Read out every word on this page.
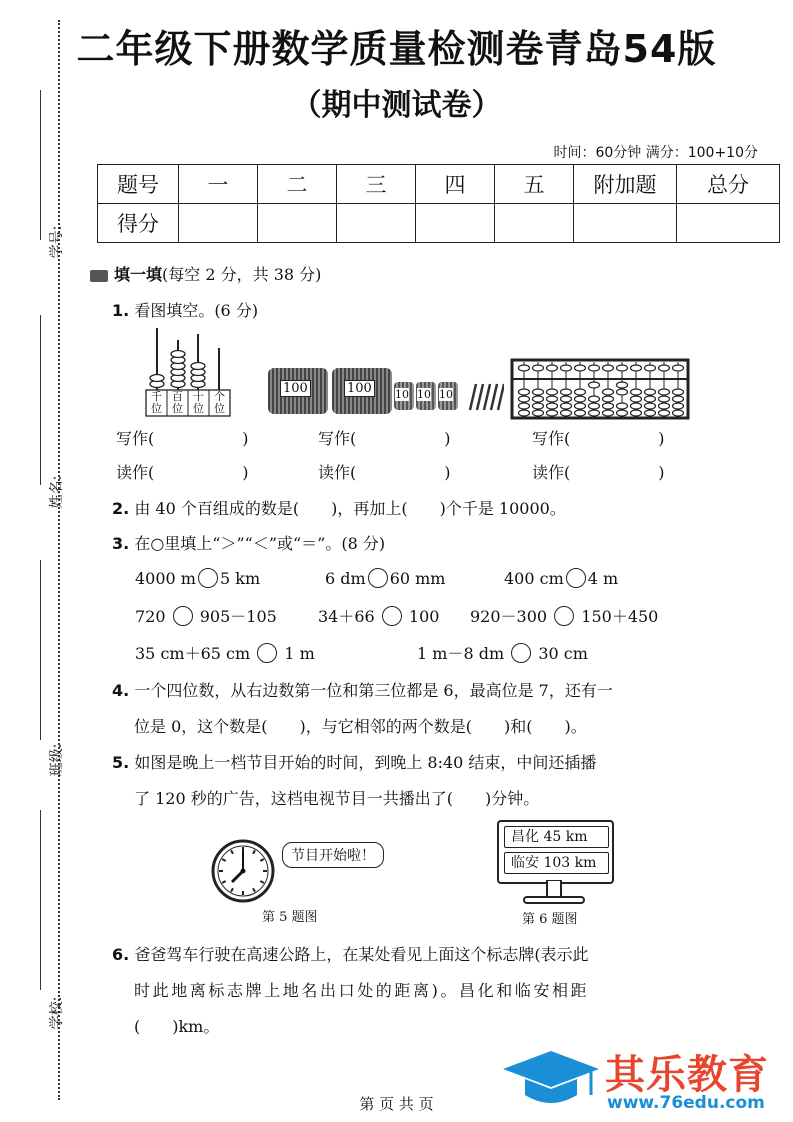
学号:
姓名:
班级:
学校:
二年级下册数学质量检测卷青岛54版
（期中测试卷）
时间：60分钟 满分：100+10分
题号	一	二	三	四	五	附加题	总分
得分							
填一填(每空 2 分，共 38 分)
1. 看图填空。(6 分)
千位
百位
十位
个位
100	100 10 10 10
写作(	)	写作(	)	写作(	)
读作(	)	读作(	)	读作(	)
2. 由 40 个百组成的数是(　　)，再加上(　　)个千是 10000。
3. 在○里填上“＞”“＜”或“＝”。(8 分)
4000 m 5 km	6 dm 60 mm	400 cm 4 m
720 905－105	34＋66 100 920－300 150＋450
35 cm＋65 cm 1 m	1 m－8 dm 30 cm
4. 一个四位数，从右边数第一位和第三位都是 6，最高位是 7，还有一
位是 0，这个数是(　　)，与它相邻的两个数是(　　)和(　　)。
5. 如图是晚上一档节目开始的时间，到晚上 8:40 结束，中间还插播
了 120 秒的广告，这档电视节目一共播出了(　　)分钟。
节目开始啦！
第 5 题图
昌化 45 km
临安 103 km
第 6 题图
6. 爸爸驾车行驶在高速公路上，在某处看见上面这个标志牌(表示此
时此地离标志牌上地名出口处的距离)。昌化和临安相距
(　　)km。
其乐教育
www.76edu.com
第 页 共 页
